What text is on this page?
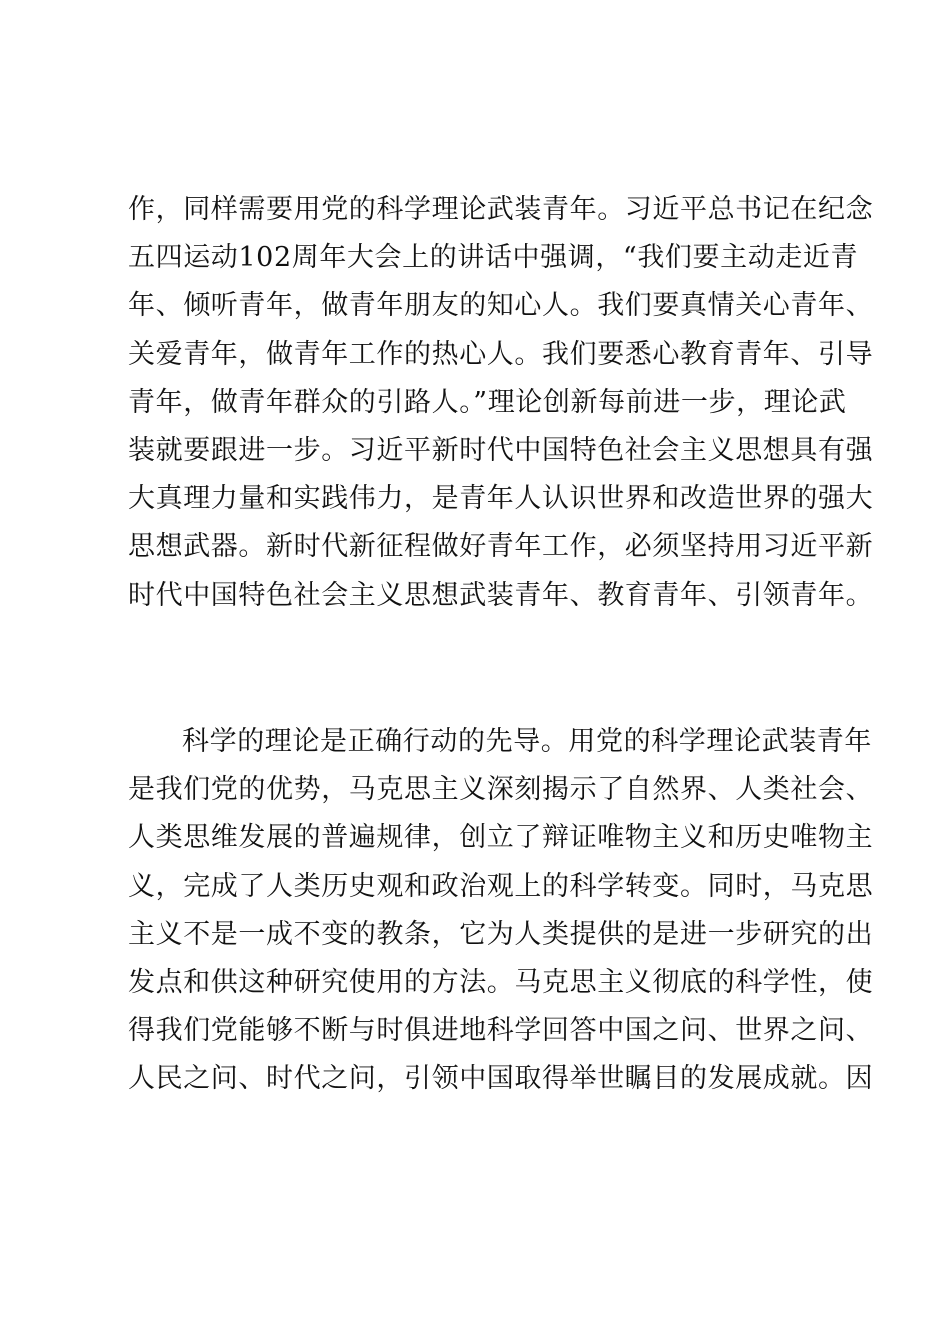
作，同样需要用党的科学理论武装青年。习近平总书记在纪念
五四运动102周年大会上的讲话中强调，“我们要主动走近青
年、倾听青年，做青年朋友的知心人。我们要真情关心青年、
关爱青年，做青年工作的热心人。我们要悉心教育青年、引导
青年，做青年群众的引路人。”理论创新每前进一步，理论武
装就要跟进一步。习近平新时代中国特色社会主义思想具有强
大真理力量和实践伟力，是青年人认识世界和改造世界的强大
思想武器。新时代新征程做好青年工作，必须坚持用习近平新
时代中国特色社会主义思想武装青年、教育青年、引领青年。
科学的理论是正确行动的先导。用党的科学理论武装青年
是我们党的优势，马克思主义深刻揭示了自然界、人类社会、
人类思维发展的普遍规律，创立了辩证唯物主义和历史唯物主
义，完成了人类历史观和政治观上的科学转变。同时，马克思
主义不是一成不变的教条，它为人类提供的是进一步研究的出
发点和供这种研究使用的方法。马克思主义彻底的科学性，使
得我们党能够不断与时俱进地科学回答中国之问、世界之问、
人民之问、时代之问，引领中国取得举世瞩目的发展成就。因
